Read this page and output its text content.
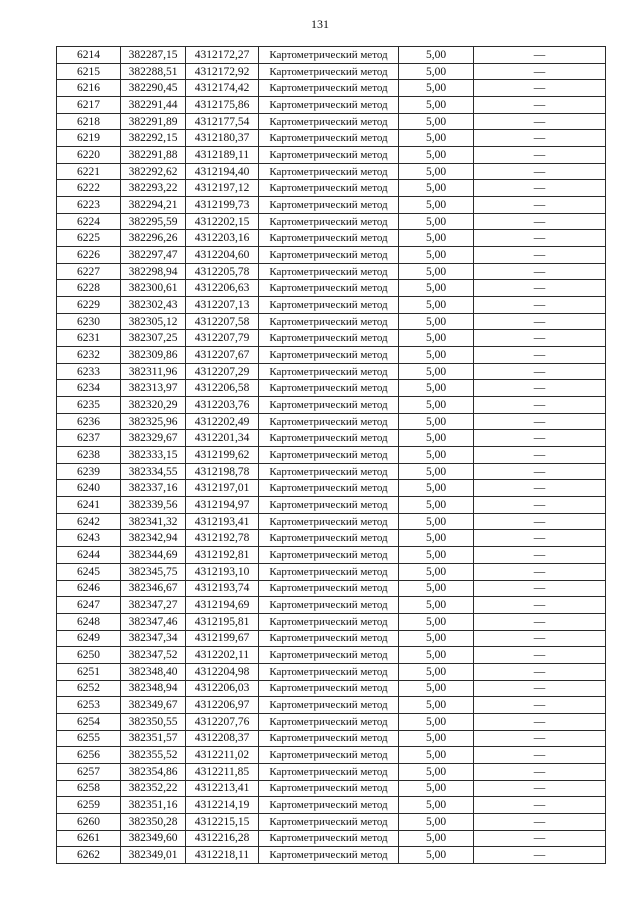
131
6214	382287,15	4312172,27	Картометрический метод	5,00	—
6215	382288,51	4312172,92	Картометрический метод	5,00	—
6216	382290,45	4312174,42	Картометрический метод	5,00	—
6217	382291,44	4312175,86	Картометрический метод	5,00	—
6218	382291,89	4312177,54	Картометрический метод	5,00	—
6219	382292,15	4312180,37	Картометрический метод	5,00	—
6220	382291,88	4312189,11	Картометрический метод	5,00	—
6221	382292,62	4312194,40	Картометрический метод	5,00	—
6222	382293,22	4312197,12	Картометрический метод	5,00	—
6223	382294,21	4312199,73	Картометрический метод	5,00	—
6224	382295,59	4312202,15	Картометрический метод	5,00	—
6225	382296,26	4312203,16	Картометрический метод	5,00	—
6226	382297,47	4312204,60	Картометрический метод	5,00	—
6227	382298,94	4312205,78	Картометрический метод	5,00	—
6228	382300,61	4312206,63	Картометрический метод	5,00	—
6229	382302,43	4312207,13	Картометрический метод	5,00	—
6230	382305,12	4312207,58	Картометрический метод	5,00	—
6231	382307,25	4312207,79	Картометрический метод	5,00	—
6232	382309,86	4312207,67	Картометрический метод	5,00	—
6233	382311,96	4312207,29	Картометрический метод	5,00	—
6234	382313,97	4312206,58	Картометрический метод	5,00	—
6235	382320,29	4312203,76	Картометрический метод	5,00	—
6236	382325,96	4312202,49	Картометрический метод	5,00	—
6237	382329,67	4312201,34	Картометрический метод	5,00	—
6238	382333,15	4312199,62	Картометрический метод	5,00	—
6239	382334,55	4312198,78	Картометрический метод	5,00	—
6240	382337,16	4312197,01	Картометрический метод	5,00	—
6241	382339,56	4312194,97	Картометрический метод	5,00	—
6242	382341,32	4312193,41	Картометрический метод	5,00	—
6243	382342,94	4312192,78	Картометрический метод	5,00	—
6244	382344,69	4312192,81	Картометрический метод	5,00	—
6245	382345,75	4312193,10	Картометрический метод	5,00	—
6246	382346,67	4312193,74	Картометрический метод	5,00	—
6247	382347,27	4312194,69	Картометрический метод	5,00	—
6248	382347,46	4312195,81	Картометрический метод	5,00	—
6249	382347,34	4312199,67	Картометрический метод	5,00	—
6250	382347,52	4312202,11	Картометрический метод	5,00	—
6251	382348,40	4312204,98	Картометрический метод	5,00	—
6252	382348,94	4312206,03	Картометрический метод	5,00	—
6253	382349,67	4312206,97	Картометрический метод	5,00	—
6254	382350,55	4312207,76	Картометрический метод	5,00	—
6255	382351,57	4312208,37	Картометрический метод	5,00	—
6256	382355,52	4312211,02	Картометрический метод	5,00	—
6257	382354,86	4312211,85	Картометрический метод	5,00	—
6258	382352,22	4312213,41	Картометрический метод	5,00	—
6259	382351,16	4312214,19	Картометрический метод	5,00	—
6260	382350,28	4312215,15	Картометрический метод	5,00	—
6261	382349,60	4312216,28	Картометрический метод	5,00	—
6262	382349,01	4312218,11	Картометрический метод	5,00	—
